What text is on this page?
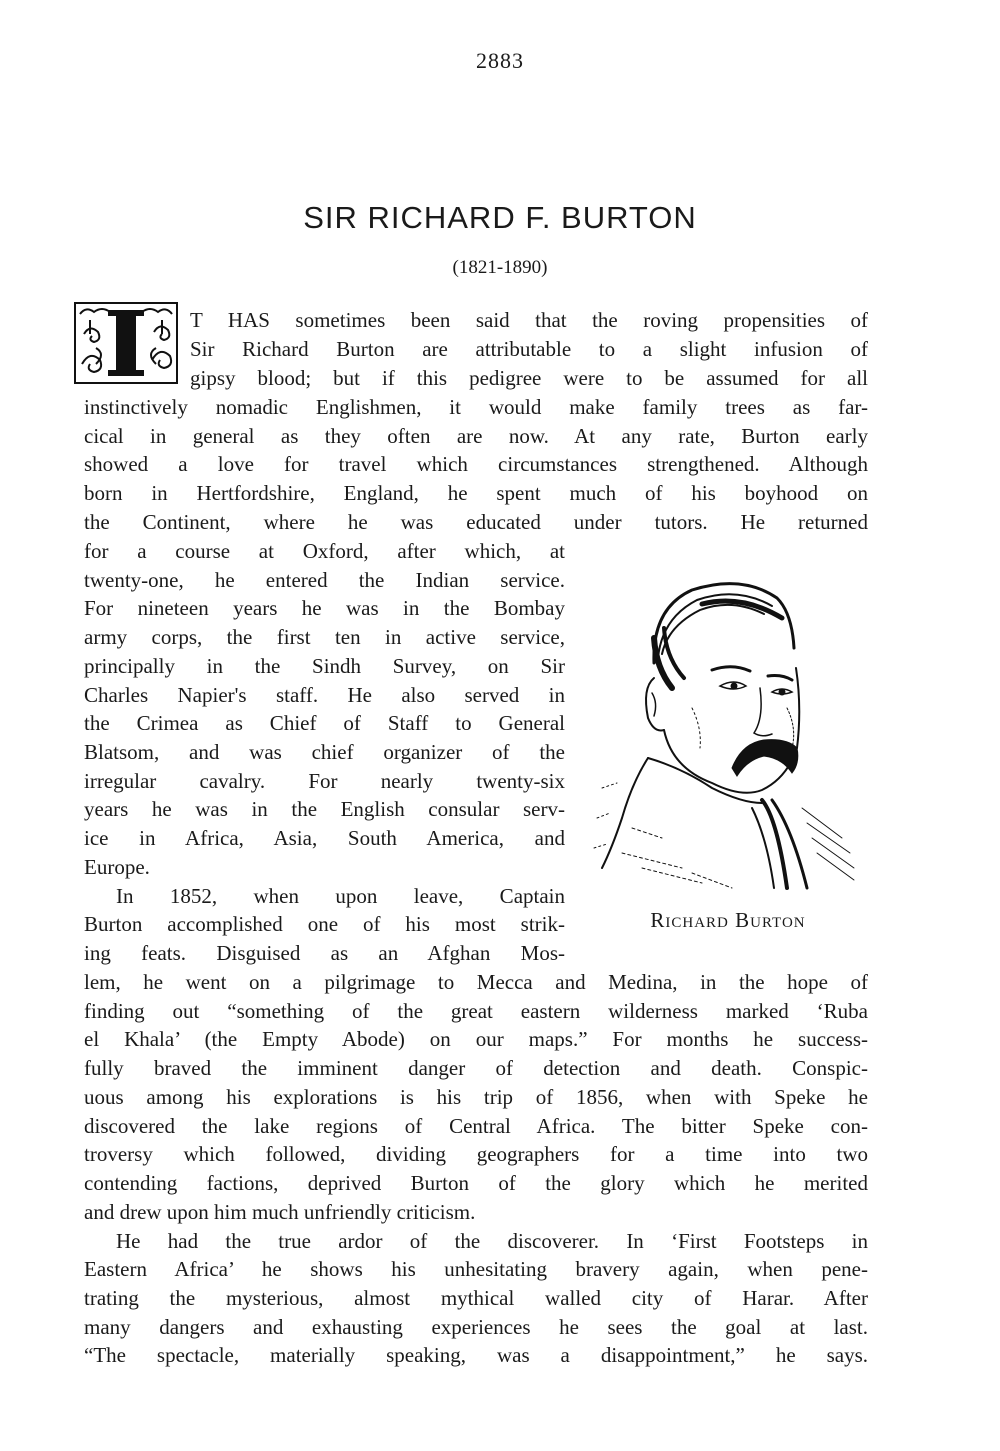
2883
SIR RICHARD F. BURTON
(1821-1890)
T HAS sometimes been said that the roving propensities of
Sir Richard Burton are attributable to a slight infusion of
gipsy blood; but if this pedigree were to be assumed for all
instinctively nomadic Englishmen, it would make family trees as far-
cical in general as they often are now. At any rate, Burton early
showed a love for travel which circumstances strengthened. Although
born in Hertfordshire, England, he spent much of his boyhood on
the Continent, where he was educated under tutors. He returned
for a course at Oxford, after which, at
twenty-one, he entered the Indian service.
For nineteen years he was in the Bombay
army corps, the first ten in active service,
principally in the Sindh Survey, on Sir
Charles Napier's staff. He also served in
the Crimea as Chief of Staff to General
Blatsom, and was chief organizer of the
irregular cavalry. For nearly twenty-six
years he was in the English consular serv-
ice in Africa, Asia, South America, and
Europe.
In 1852, when upon leave, Captain
Burton accomplished one of his most strik-
ing feats. Disguised as an Afghan Mos-
lem, he went on a pilgrimage to Mecca and Medina, in the hope of
finding out “something of the great eastern wilderness marked ‘Ruba
el Khala’ (the Empty Abode) on our maps.” For months he success-
fully braved the imminent danger of detection and death. Conspic-
uous among his explorations is his trip of 1856, when with Speke he
discovered the lake regions of Central Africa. The bitter Speke con-
troversy which followed, dividing geographers for a time into two
contending factions, deprived Burton of the glory which he merited
and drew upon him much unfriendly criticism.
He had the true ardor of the discoverer. In ‘First Footsteps in
Eastern Africa’ he shows his unhesitating bravery again, when pene-
trating the mysterious, almost mythical walled city of Harar. After
many dangers and exhausting experiences he sees the goal at last.
“The spectacle, materially speaking, was a disappointment,” he says.
Richard Burton
